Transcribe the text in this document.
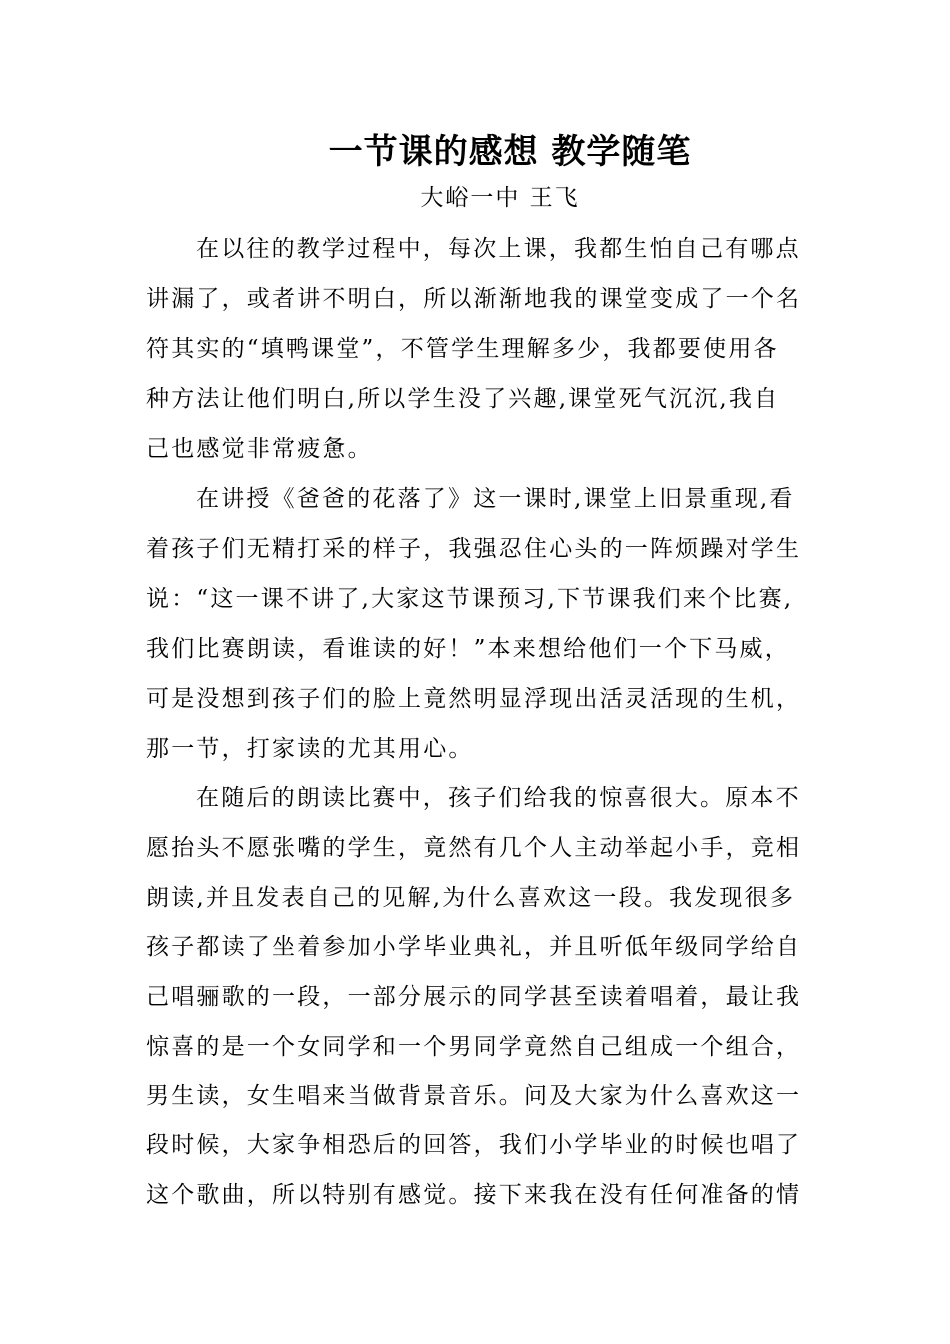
一节课的感想 教学随笔
大峪一中 王飞
在以往的教学过程中，每次上课，我都生怕自己有哪点
讲漏了，或者讲不明白，所以渐渐地我的课堂变成了一个名
符其实的“填鸭课堂”，不管学生理解多少，我都要使用各
种方法让他们明白,所以学生没了兴趣,课堂死气沉沉,我自
己也感觉非常疲惫。
在讲授《爸爸的花落了》这一课时,课堂上旧景重现,看
着孩子们无精打采的样子，我强忍住心头的一阵烦躁对学生
说：“这一课不讲了,大家这节课预习,下节课我们来个比赛,
我们比赛朗读，看谁读的好！”本来想给他们一个下马威，
可是没想到孩子们的脸上竟然明显浮现出活灵活现的生机，
那一节，打家读的尤其用心。
在随后的朗读比赛中，孩子们给我的惊喜很大。原本不
愿抬头不愿张嘴的学生，竟然有几个人主动举起小手，竞相
朗读,并且发表自己的见解,为什么喜欢这一段。我发现很多
孩子都读了坐着参加小学毕业典礼，并且听低年级同学给自
己唱骊歌的一段，一部分展示的同学甚至读着唱着，最让我
惊喜的是一个女同学和一个男同学竟然自己组成一个组合，
男生读，女生唱来当做背景音乐。问及大家为什么喜欢这一
段时候，大家争相恐后的回答，我们小学毕业的时候也唱了
这个歌曲，所以特别有感觉。接下来我在没有任何准备的情
